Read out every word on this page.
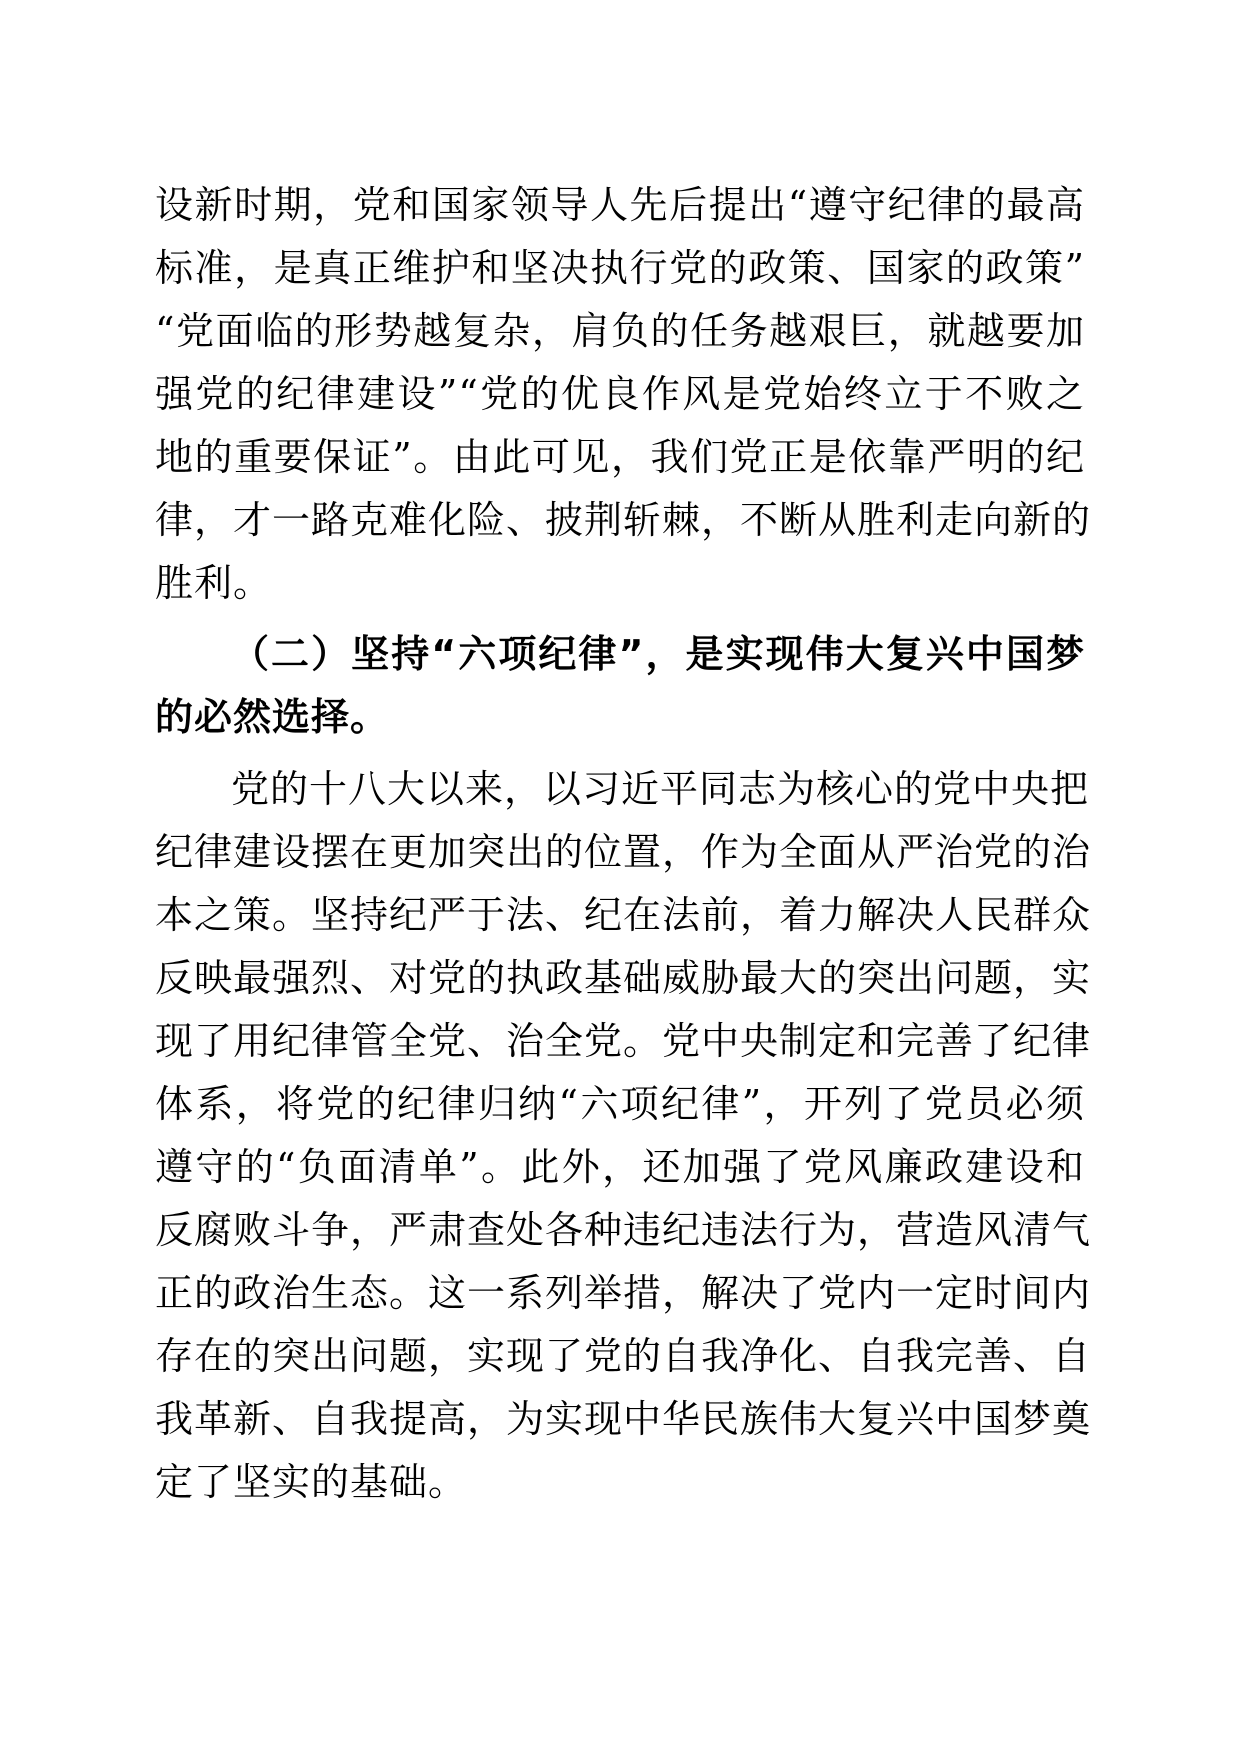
设新时期，党和国家领导人先后提出“遵守纪律的最高
标准，是真正维护和坚决执行党的政策、国家的政策”
“党面临的形势越复杂，肩负的任务越艰巨，就越要加
强党的纪律建设”“党的优良作风是党始终立于不败之
地的重要保证”。由此可见，我们党正是依靠严明的纪
律，才一路克难化险、披荆斩棘，不断从胜利走向新的
胜利。
（二）坚持“六项纪律”，是实现伟大复兴中国梦
的必然选择。
党的十八大以来，以习近平同志为核心的党中央把
纪律建设摆在更加突出的位置，作为全面从严治党的治
本之策。坚持纪严于法、纪在法前，着力解决人民群众
反映最强烈、对党的执政基础威胁最大的突出问题，实
现了用纪律管全党、治全党。党中央制定和完善了纪律
体系，将党的纪律归纳“六项纪律”，开列了党员必须
遵守的“负面清单”。此外，还加强了党风廉政建设和
反腐败斗争，严肃查处各种违纪违法行为，营造风清气
正的政治生态。这一系列举措，解决了党内一定时间内
存在的突出问题，实现了党的自我净化、自我完善、自
我革新、自我提高，为实现中华民族伟大复兴中国梦奠
定了坚实的基础。
